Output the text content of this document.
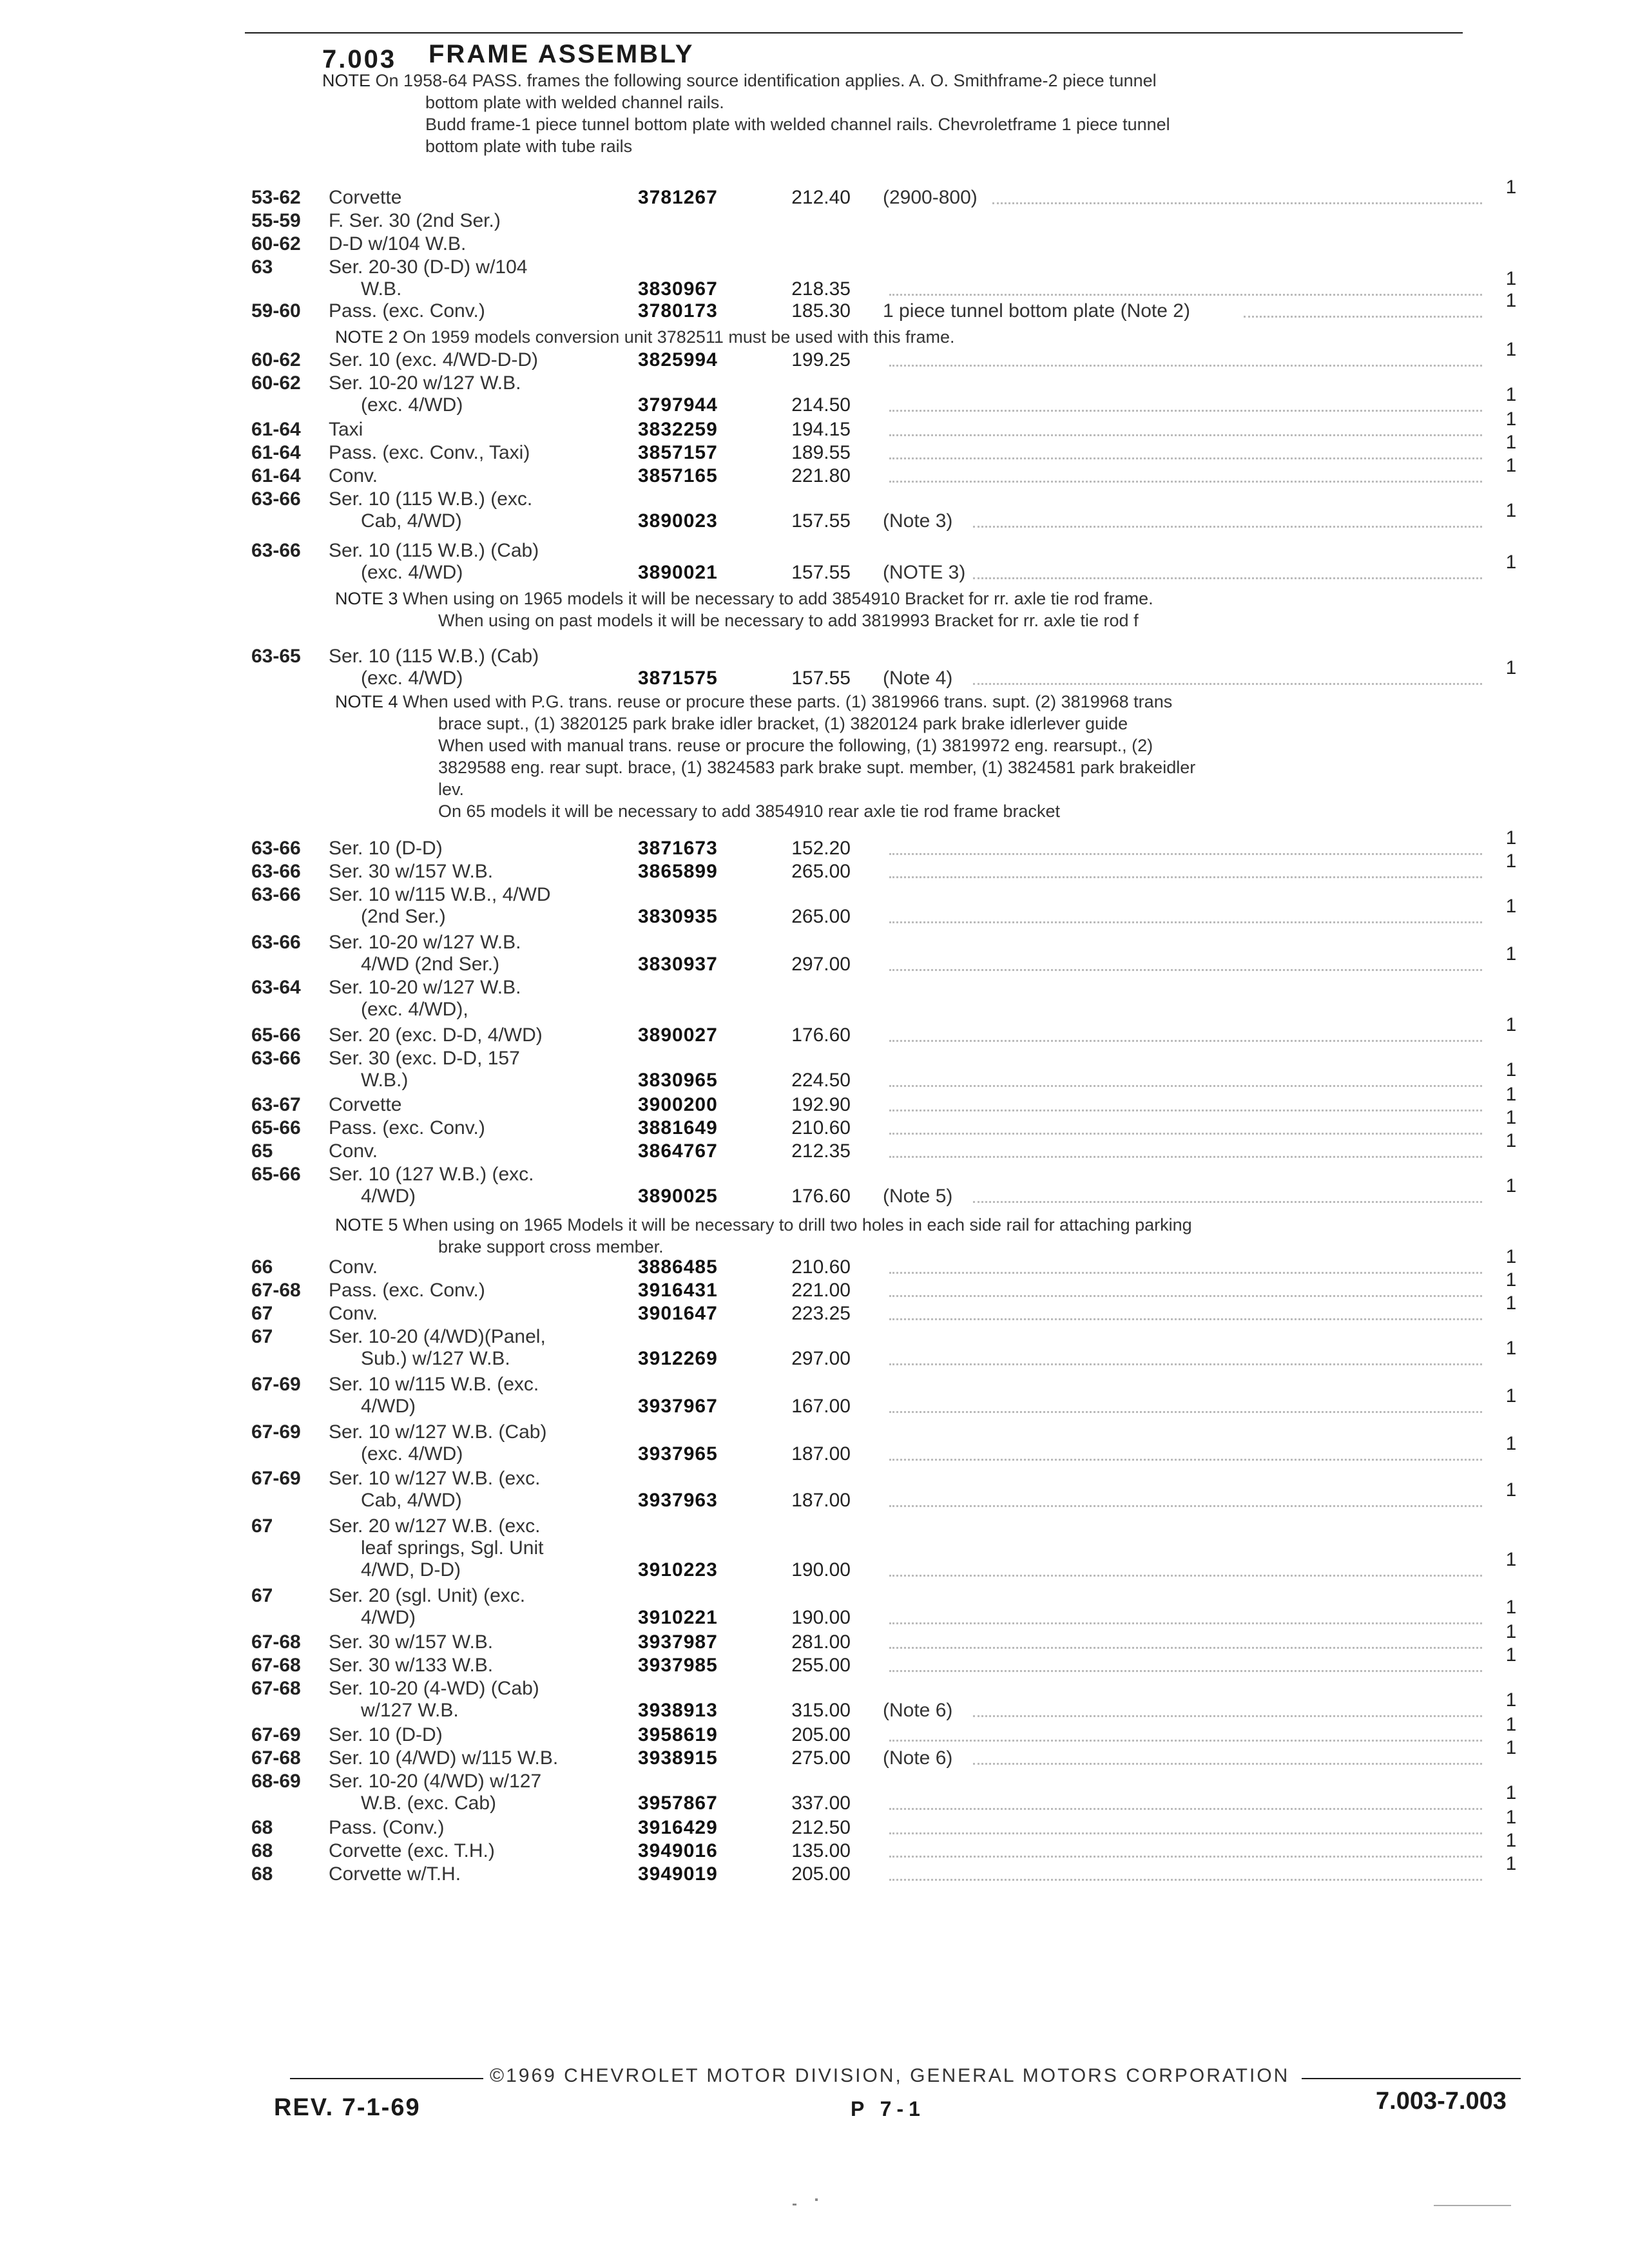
7.003 FRAME ASSEMBLY
NOTE On 1958-64 PASS. frames the following source identification applies. A. O. Smithframe-2 piece tunnel
bottom plate with welded channel rails.
Budd frame-1 piece tunnel bottom plate with welded channel rails. Chevroletframe 1 piece tunnel
bottom plate with tube rails
53-62	Corvette	3781267	212.40 (2900-800)	1
55-59	F. Ser. 30 (2nd Ser.)
60-62	D-D w/104 W.B.
63	Ser. 20-30 (D-D) w/104
W.B.	3830967	218.35	1
59-60	Pass. (exc. Conv.)	3780173	185.30 1 piece tunnel bottom plate (Note 2)	1
NOTE 2 On 1959 models conversion unit 3782511 must be used with this frame.
60-62	Ser. 10 (exc. 4/WD-D-D)	3825994	199.25	1
60-62	Ser. 10-20 w/127 W.B.
(exc. 4/WD)	3797944	214.50	1
61-64	Taxi	3832259	194.15	1
61-64	Pass. (exc. Conv., Taxi)	3857157	189.55	1
61-64	Conv.	3857165	221.80	1
63-66	Ser. 10 (115 W.B.) (exc.
Cab, 4/WD)	3890023	157.55 (Note 3)	1
63-66	Ser. 10 (115 W.B.) (Cab)
(exc. 4/WD)	3890021	157.55 (NOTE 3)	1
NOTE 3 When using on 1965 models it will be necessary to add 3854910 Bracket for rr. axle tie rod frame.
When using on past models it will be necessary to add 3819993 Bracket for rr. axle tie rod f
63-65	Ser. 10 (115 W.B.) (Cab)
(exc. 4/WD)	3871575	157.55 (Note 4)	1
NOTE 4 When used with P.G. trans. reuse or procure these parts. (1) 3819966 trans. supt. (2) 3819968 trans
brace supt., (1) 3820125 park brake idler bracket, (1) 3820124 park brake idlerlever guide
When used with manual trans. reuse or procure the following, (1) 3819972 eng. rearsupt., (2)
3829588 eng. rear supt. brace, (1) 3824583 park brake supt. member, (1) 3824581 park brakeidler
lev.
On 65 models it will be necessary to add 3854910 rear axle tie rod frame bracket
63-66	Ser. 10 (D-D)	3871673	152.20	1
63-66	Ser. 30 w/157 W.B.	3865899	265.00	1
63-66	Ser. 10 w/115 W.B., 4/WD
(2nd Ser.)	3830935	265.00	1
63-66	Ser. 10-20 w/127 W.B.
4/WD (2nd Ser.)	3830937	297.00	1
63-64	Ser. 10-20 w/127 W.B.
(exc. 4/WD),
65-66	Ser. 20 (exc. D-D, 4/WD)	3890027	176.60	1
63-66	Ser. 30 (exc. D-D, 157
W.B.)	3830965	224.50	1
63-67	Corvette	3900200	192.90	1
65-66	Pass. (exc. Conv.)	3881649	210.60	1
65	Conv.	3864767	212.35	1
65-66	Ser. 10 (127 W.B.) (exc.
4/WD)	3890025	176.60 (Note 5)	1
NOTE 5 When using on 1965 Models it will be necessary to drill two holes in each side rail for attaching parking
brake support cross member.
66	Conv.	3886485	210.60	1
67-68	Pass. (exc. Conv.)	3916431	221.00	1
67	Conv.	3901647	223.25	1
67	Ser. 10-20 (4/WD)(Panel,
Sub.) w/127 W.B.	3912269	297.00	1
67-69	Ser. 10 w/115 W.B. (exc.
4/WD)	3937967	167.00	1
67-69	Ser. 10 w/127 W.B. (Cab)
(exc. 4/WD)	3937965	187.00	1
67-69	Ser. 10 w/127 W.B. (exc.
Cab, 4/WD)	3937963	187.00	1
67	Ser. 20 w/127 W.B. (exc.
leaf springs, Sgl. Unit
4/WD, D-D)	3910223	190.00	1
67	Ser. 20 (sgl. Unit) (exc.
4/WD)	3910221	190.00	1
67-68	Ser. 30 w/157 W.B.	3937987	281.00	1
67-68	Ser. 30 w/133 W.B.	3937985	255.00	1
67-68	Ser. 10-20 (4-WD) (Cab)
w/127 W.B.	3938913	315.00 (Note 6)	1
67-69	Ser. 10 (D-D)	3958619	205.00	1
67-68	Ser. 10 (4/WD) w/115 W.B.	3938915	275.00 (Note 6)	1
68-69	Ser. 10-20 (4/WD) w/127
W.B. (exc. Cab)	3957867	337.00	1
68	Pass. (Conv.)	3916429	212.50	1
68	Corvette (exc. T.H.)	3949016	135.00	1
68	Corvette w/T.H.	3949019	205.00	1
©1969 CHEVROLET MOTOR DIVISION, GENERAL MOTORS CORPORATION
REV. 7-1-69	P 7-1	7.003-7.003
